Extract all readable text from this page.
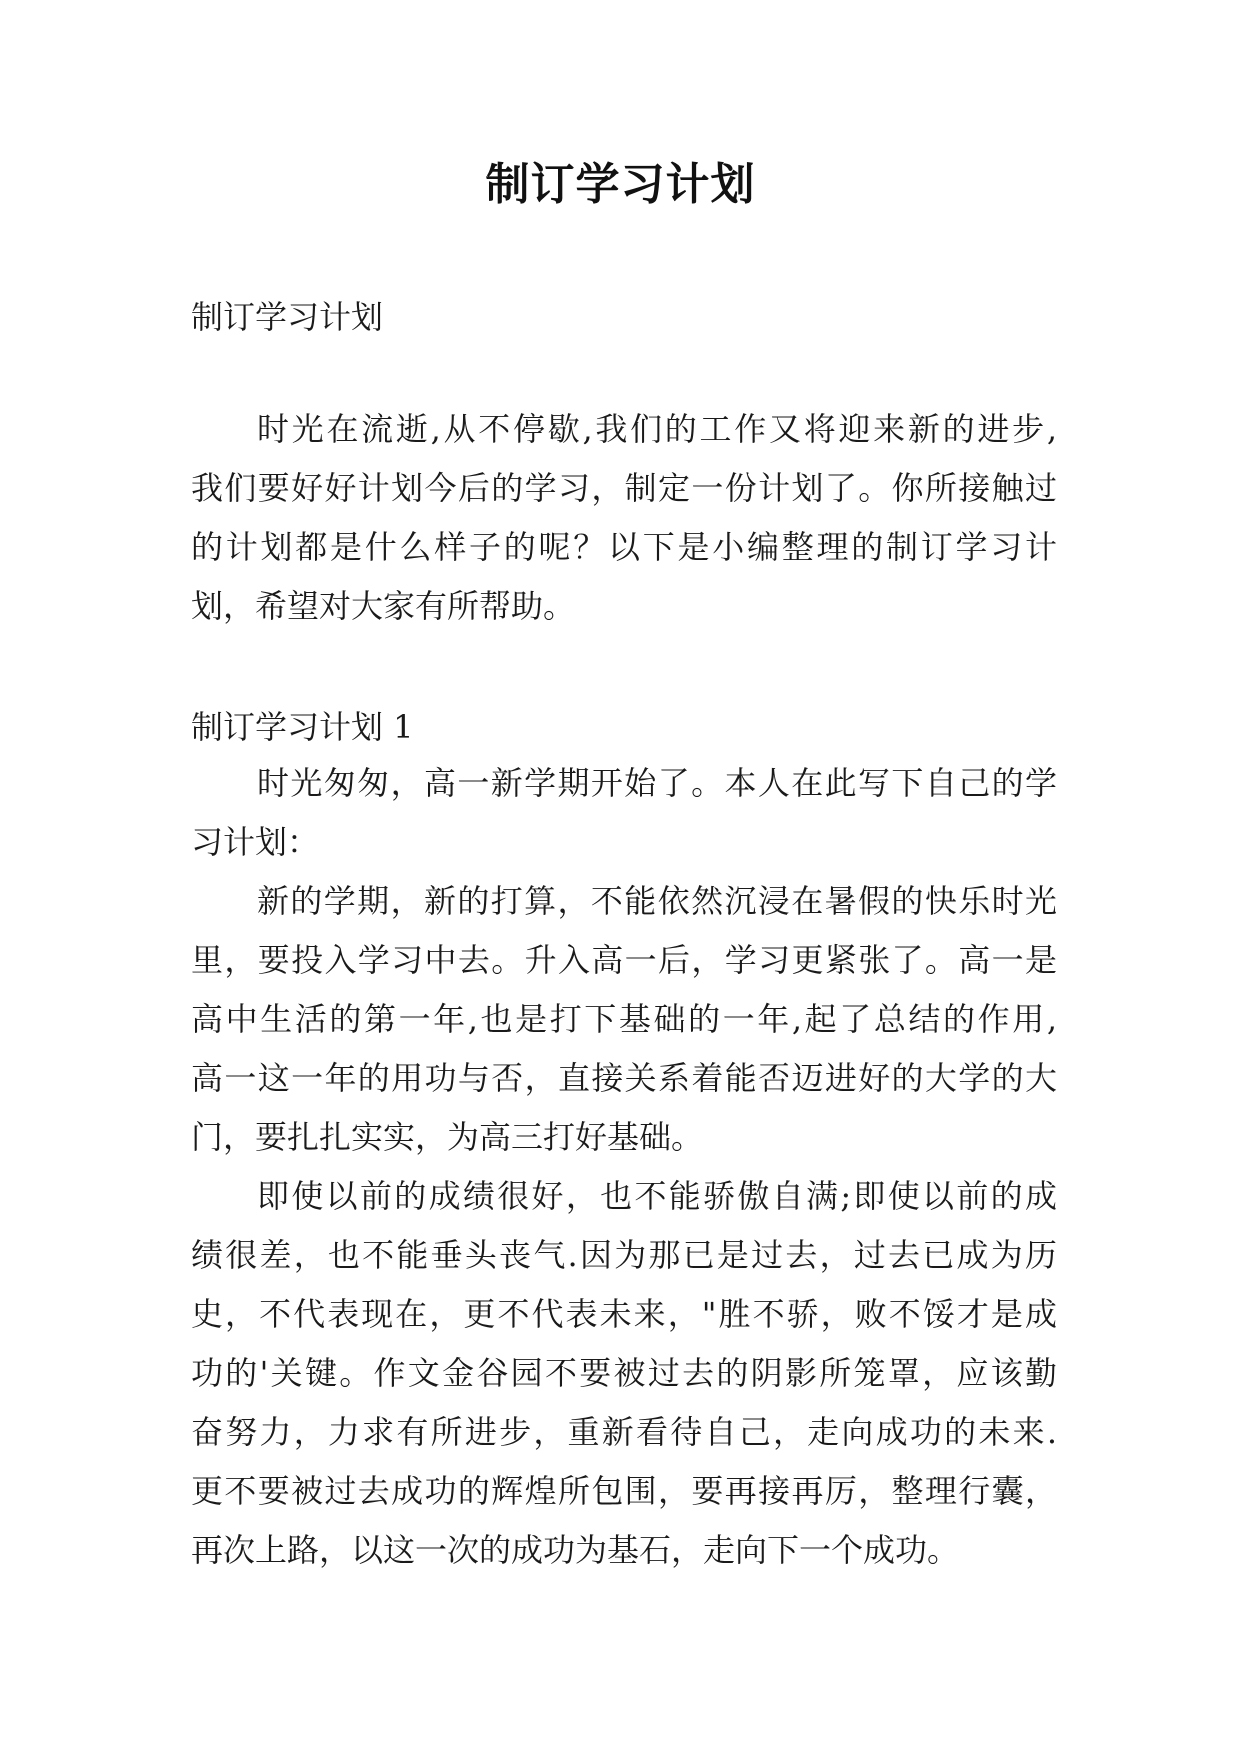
制订学习计划
制订学习计划
时光在流逝,从不停歇,我们的工作又将迎来新的进步,
我们要好好计划今后的学习，制定一份计划了。你所接触过
的计划都是什么样子的呢？以下是小编整理的制订学习计
划，希望对大家有所帮助。
制订学习计划 1
时光匆匆，高一新学期开始了。本人在此写下自己的学
习计划：
新的学期，新的打算，不能依然沉浸在暑假的快乐时光
里，要投入学习中去。升入高一后，学习更紧张了。高一是
高中生活的第一年,也是打下基础的一年,起了总结的作用,
高一这一年的用功与否，直接关系着能否迈进好的大学的大
门，要扎扎实实，为高三打好基础。
即使以前的成绩很好，也不能骄傲自满;即使以前的成
绩很差，也不能垂头丧气.因为那已是过去，过去已成为历
史，不代表现在，更不代表未来，"胜不骄，败不馁才是成
功的'关键。作文金谷园不要被过去的阴影所笼罩，应该勤
奋努力，力求有所进步，重新看待自己，走向成功的未来.
更不要被过去成功的辉煌所包围，要再接再厉，整理行囊，
再次上路，以这一次的成功为基石，走向下一个成功。
